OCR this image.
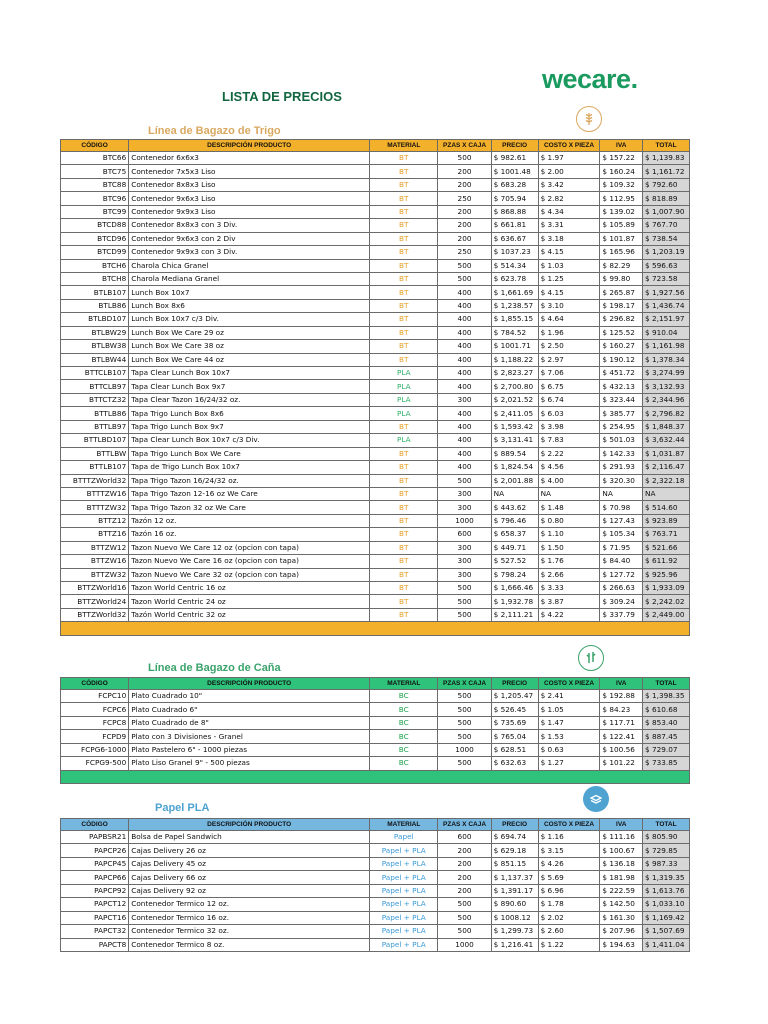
wecare.
LISTA DE PRECIOS
Línea de Bagazo de Trigo
CÓDIGO	DESCRIPCIÓN PRODUCTO	MATERIAL	PZAS X CAJA	PRECIO	COSTO X PIEZA	IVA	TOTAL
BTC66	Contenedor 6x6x3	BT	500	$ 982.61	$ 1.97	$ 157.22	$ 1,139.83
BTC75	Contenedor 7x5x3 Liso	BT	200	$ 1001.48	$ 2.00	$ 160.24	$ 1,161.72
BTC88	Contenedor 8x8x3 Liso	BT	200	$ 683.28	$ 3.42	$ 109.32	$ 792.60
BTC96	Contenedor 9x6x3 Liso	BT	250	$ 705.94	$ 2.82	$ 112.95	$ 818.89
BTC99	Contenedor 9x9x3 Liso	BT	200	$ 868.88	$ 4.34	$ 139.02	$ 1,007.90
BTCD88	Contenedor 8x8x3 con 3 Div.	BT	200	$ 661.81	$ 3.31	$ 105.89	$ 767.70
BTCD96	Contenedor 9x6x3 con 2 Div	BT	200	$ 636.67	$ 3.18	$ 101.87	$ 738.54
BTCD99	Contenedor 9x9x3 con 3 Div.	BT	250	$ 1037.23	$ 4.15	$ 165.96	$ 1,203.19
BTCH6	Charola Chica Granel	BT	500	$ 514.34	$ 1.03	$ 82.29	$ 596.63
BTCH8	Charola Mediana Granel	BT	500	$ 623.78	$ 1.25	$ 99.80	$ 723.58
BTLB107	Lunch Box 10x7	BT	400	$ 1,661.69	$ 4.15	$ 265.87	$ 1,927.56
BTLB86	Lunch Box 8x6	BT	400	$ 1,238.57	$ 3.10	$ 198.17	$ 1,436.74
BTLBD107	Lunch Box 10x7 c/3 Div.	BT	400	$ 1,855.15	$ 4.64	$ 296.82	$ 2,151.97
BTLBW29	Lunch Box We Care 29 oz	BT	400	$ 784.52	$ 1.96	$ 125.52	$ 910.04
BTLBW38	Lunch Box We Care 38 oz	BT	400	$ 1001.71	$ 2.50	$ 160.27	$ 1,161.98
BTLBW44	Lunch Box We Care 44 oz	BT	400	$ 1,188.22	$ 2.97	$ 190.12	$ 1,378.34
BTTCLB107	Tapa Clear Lunch Box 10x7	PLA	400	$ 2,823.27	$ 7.06	$ 451.72	$ 3,274.99
BTTCLB97	Tapa Clear Lunch Box 9x7	PLA	400	$ 2,700.80	$ 6.75	$ 432.13	$ 3,132.93
BTTCTZ32	Tapa Clear Tazon 16/24/32 oz.	PLA	300	$ 2,021.52	$ 6.74	$ 323.44	$ 2,344.96
BTTLB86	Tapa Trigo Lunch Box 8x6	PLA	400	$ 2,411.05	$ 6.03	$ 385.77	$ 2,796.82
BTTLB97	Tapa Trigo Lunch Box 9x7	BT	400	$ 1,593.42	$ 3.98	$ 254.95	$ 1,848.37
BTTLBD107	Tapa Clear Lunch Box 10x7 c/3 Div.	PLA	400	$ 3,131.41	$ 7.83	$ 501.03	$ 3,632.44
BTTLBW	Tapa Trigo Lunch Box We Care	BT	400	$ 889.54	$ 2.22	$ 142.33	$ 1,031.87
BTTLB107	Tapa de Trigo Lunch Box 10x7	BT	400	$ 1,824.54	$ 4.56	$ 291.93	$ 2,116.47
BTTTZWorld32	Tapa Trigo Tazon 16/24/32 oz.	BT	500	$ 2,001.88	$ 4.00	$ 320.30	$ 2,322.18
BTTTZW16	Tapa Trigo Tazon 12-16 oz We Care	BT	300	NA	NA	NA	NA
BTTTZW32	Tapa Trigo Tazon 32 oz We Care	BT	300	$ 443.62	$ 1.48	$ 70.98	$ 514.60
BTTZ12	Tazón 12 oz.	BT	1000	$ 796.46	$ 0.80	$ 127.43	$ 923.89
BTTZ16	Tazón 16 oz.	BT	600	$ 658.37	$ 1.10	$ 105.34	$ 763.71
BTTZW12	Tazon Nuevo We Care 12 oz (opcion con tapa)	BT	300	$ 449.71	$ 1.50	$ 71.95	$ 521.66
BTTZW16	Tazon Nuevo We Care 16 oz (opcion con tapa)	BT	300	$ 527.52	$ 1.76	$ 84.40	$ 611.92
BTTZW32	Tazon Nuevo We Care 32 oz (opcion con tapa)	BT	300	$ 798.24	$ 2.66	$ 127.72	$ 925.96
BTTZWorld16	Tazon World Centric 16 oz	BT	500	$ 1,666.46	$ 3.33	$ 266.63	$ 1,933.09
BTTZWorld24	Tazon World Centric 24 oz	BT	500	$ 1,932.78	$ 3.87	$ 309.24	$ 2,242.02
BTTZWorld32	Tazón World Centric 32 oz	BT	500	$ 2,111.21	$ 4.22	$ 337.79	$ 2,449.00

Línea de Bagazo de Caña
CÓDIGO	DESCRIPCIÓN PRODUCTO	MATERIAL	PZAS X CAJA	PRECIO	COSTO X PIEZA	IVA	TOTAL
FCPC10	Plato Cuadrado 10"	BC	500	$ 1,205.47	$ 2.41	$ 192.88	$ 1,398.35
FCPC6	Plato Cuadrado 6"	BC	500	$ 526.45	$ 1.05	$ 84.23	$ 610.68
FCPC8	Plato Cuadrado de 8"	BC	500	$ 735.69	$ 1.47	$ 117.71	$ 853.40
FCPD9	Plato con 3 Divisiones - Granel	BC	500	$ 765.04	$ 1.53	$ 122.41	$ 887.45
FCPG6-1000	Plato Pastelero 6" - 1000 piezas	BC	1000	$ 628.51	$ 0.63	$ 100.56	$ 729.07
FCPG9-500	Plato Liso Granel 9" - 500 piezas	BC	500	$ 632.63	$ 1.27	$ 101.22	$ 733.85

Papel PLA
CÓDIGO	DESCRIPCIÓN PRODUCTO	MATERIAL	PZAS X CAJA	PRECIO	COSTO X PIEZA	IVA	TOTAL
PAPBSR21	Bolsa de Papel Sandwich	Papel	600	$ 694.74	$ 1.16	$ 111.16	$ 805.90
PAPCP26	Cajas Delivery 26 oz	Papel + PLA	200	$ 629.18	$ 3.15	$ 100.67	$ 729.85
PAPCP45	Cajas Delivery 45 oz	Papel + PLA	200	$ 851.15	$ 4.26	$ 136.18	$ 987.33
PAPCP66	Cajas Delivery 66 oz	Papel + PLA	200	$ 1,137.37	$ 5.69	$ 181.98	$ 1,319.35
PAPCP92	Cajas Delivery 92 oz	Papel + PLA	200	$ 1,391.17	$ 6.96	$ 222.59	$ 1,613.76
PAPCT12	Contenedor Termico 12 oz.	Papel + PLA	500	$ 890.60	$ 1.78	$ 142.50	$ 1,033.10
PAPCT16	Contenedor Termico 16 oz.	Papel + PLA	500	$ 1008.12	$ 2.02	$ 161.30	$ 1,169.42
PAPCT32	Contenedor Termico 32 oz.	Papel + PLA	500	$ 1,299.73	$ 2.60	$ 207.96	$ 1,507.69
PAPCT8	Contenedor Termico 8 oz.	Papel + PLA	1000	$ 1,216.41	$ 1.22	$ 194.63	$ 1,411.04
